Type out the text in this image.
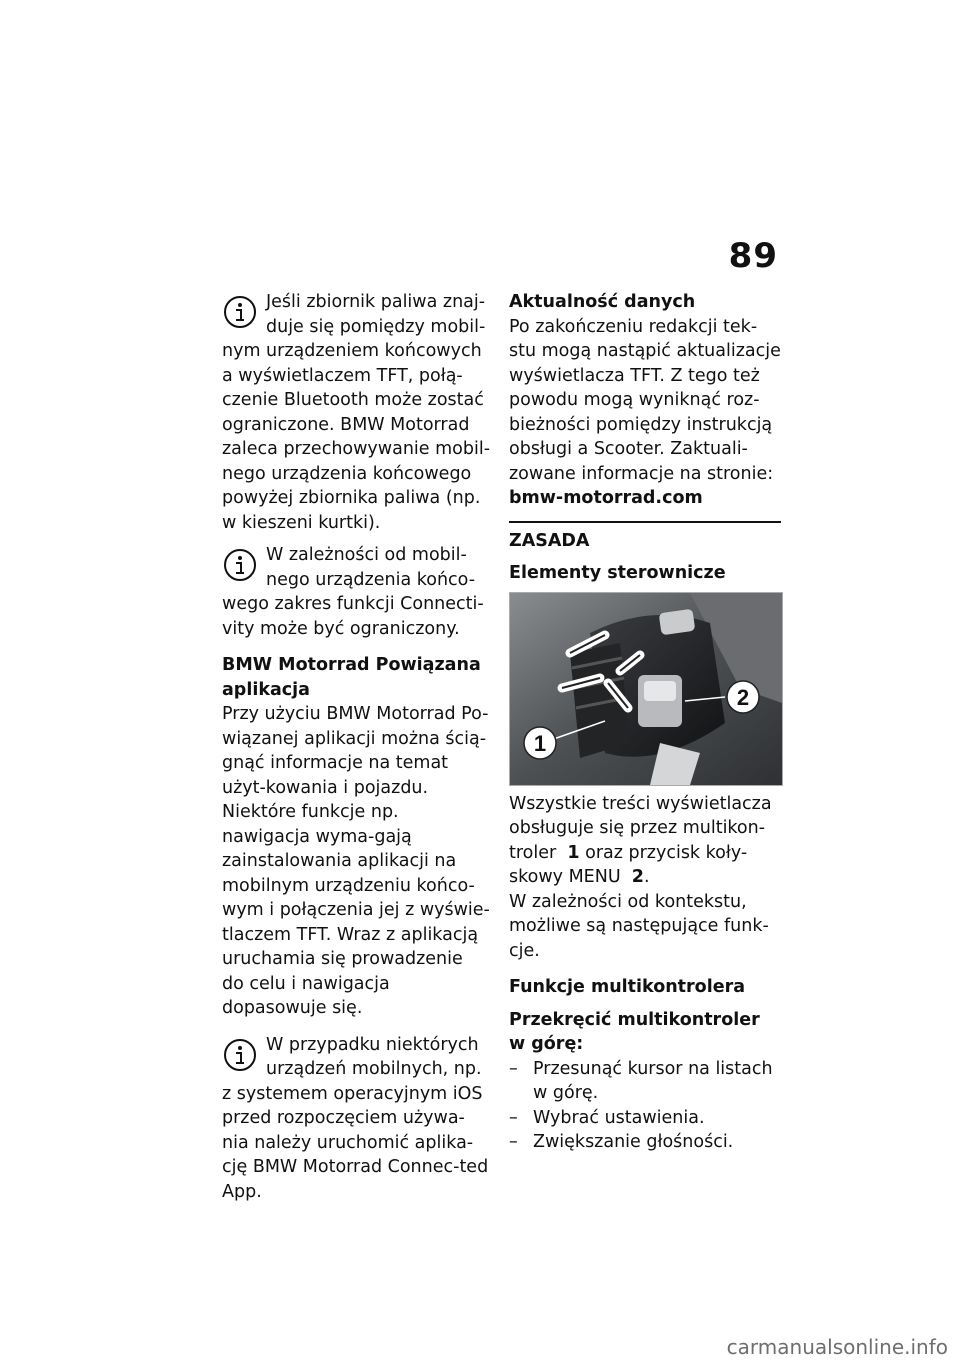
89

Jeśli zbiornik paliwa znaj-

duje się pomiędzy mobil-

nym urządzeniem końcowych a wyświetlaczem TFT, połą-czenie Bluetooth może zostać ograniczone. BMW Motorrad zaleca przechowywanie mobil-nego urządzenia końcowego powyżej zbiornika paliwa (np. w kieszeni kurtki).

W zależności od mobil-

nego urządzenia końco-

wego zakres funkcji Connecti-vity może być ograniczony.

BMW Motorrad Powiązana aplikacja

Przy użyciu BMW Motorrad Po-wiązanej aplikacji można ścią-gnąć informacje na temat użyt-kowania i pojazdu. Niektóre funkcje np. nawigacja wyma-gają zainstalowania aplikacji na mobilnym urządzeniu końco-wym i połączenia jej z wyświe-tlaczem TFT. Wraz z aplikacją uruchamia się prowadzenie do celu i nawigacja dopasowuje się.

W przypadku niektórych

urządzeń mobilnych, np.

z systemem operacyjnym iOS przed rozpoczęciem używa-nia należy uruchomić aplika-cję BMW Motorrad Connec-ted App.

Aktualność danych

Po zakończeniu redakcji tek-stu mogą nastąpić aktualizacje wyświetlacza TFT. Z tego też powodu mogą wyniknąć roz-bieżności pomiędzy instrukcją obsługi a Scooter. Zaktuali-zowane informacje na stronie:

bmw-motorrad.com

ZASADA

Elementy sterownicze

1
2

Wszystkie treści wyświetlacza obsługuje się przez multikon-troler 1 oraz przycisk koły-skowy MENU 2.

W zależności od kontekstu, możliwe są następujące funk-cje.

Funkcje multikontrolera

Przekręcić multikontroler w górę:

– Przesunąć kursor na listach w górę.
– Wybrać ustawienia.
– Zwiększanie głośności.
carmanualsonline.info
